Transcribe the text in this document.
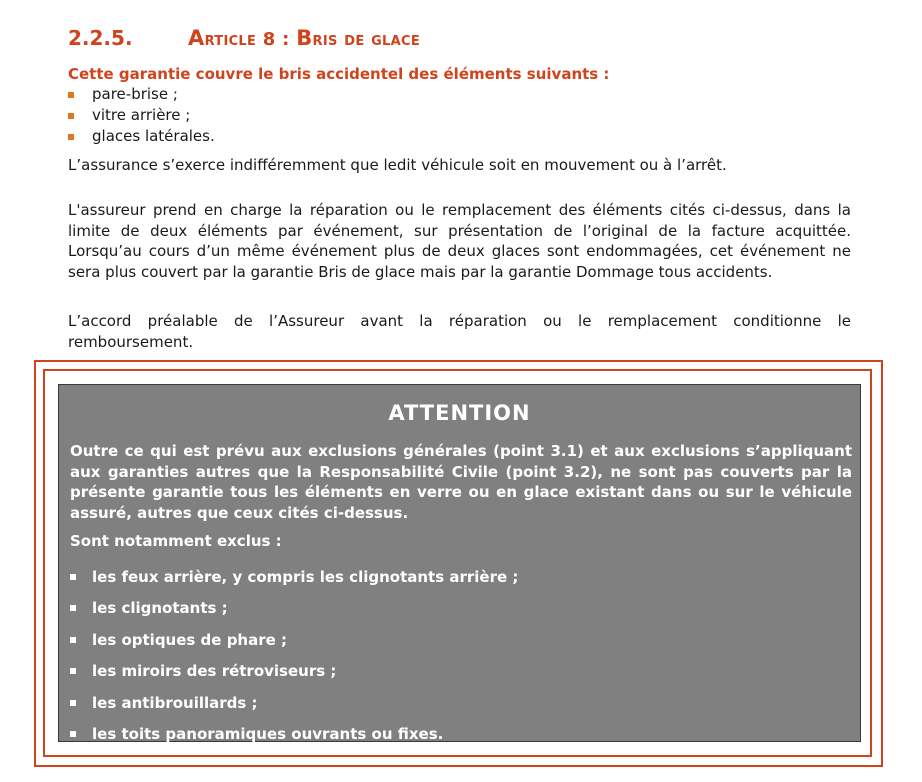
2.2.5.	Article 8 : Bris de glace
Cette garantie couvre le bris accidentel des éléments suivants :
pare-brise ;
vitre arrière ;
glaces latérales.

L’assurance s’exerce indifféremment que ledit véhicule soit en mouvement ou à l’arrêt.

L'assureur prend en charge la réparation ou le remplacement des éléments cités ci-dessus, dans la limite de deux éléments par événement, sur présentation de l’original de la facture acquittée. Lorsqu’au cours d’un même événement plus de deux glaces sont endommagées, cet événement ne sera plus couvert par la garantie Bris de glace mais par la garantie Dommage tous accidents.

L’accord préalable de l’Assureur avant la réparation ou le remplacement conditionne le remboursement.

ATTENTION

Outre ce qui est prévu aux exclusions générales (point 3.1) et aux exclusions s’appliquant aux garanties autres que la Responsabilité Civile (point 3.2), ne sont pas couverts par la présente garantie tous les éléments en verre ou en glace existant dans ou sur le véhicule assuré, autres que ceux cités ci-dessus.

Sont notamment exclus :
les feux arrière, y compris les clignotants arrière ;
les clignotants ;
les optiques de phare ;
les miroirs des rétroviseurs ;
les antibrouillards ;
les toits panoramiques ouvrants ou fixes.
